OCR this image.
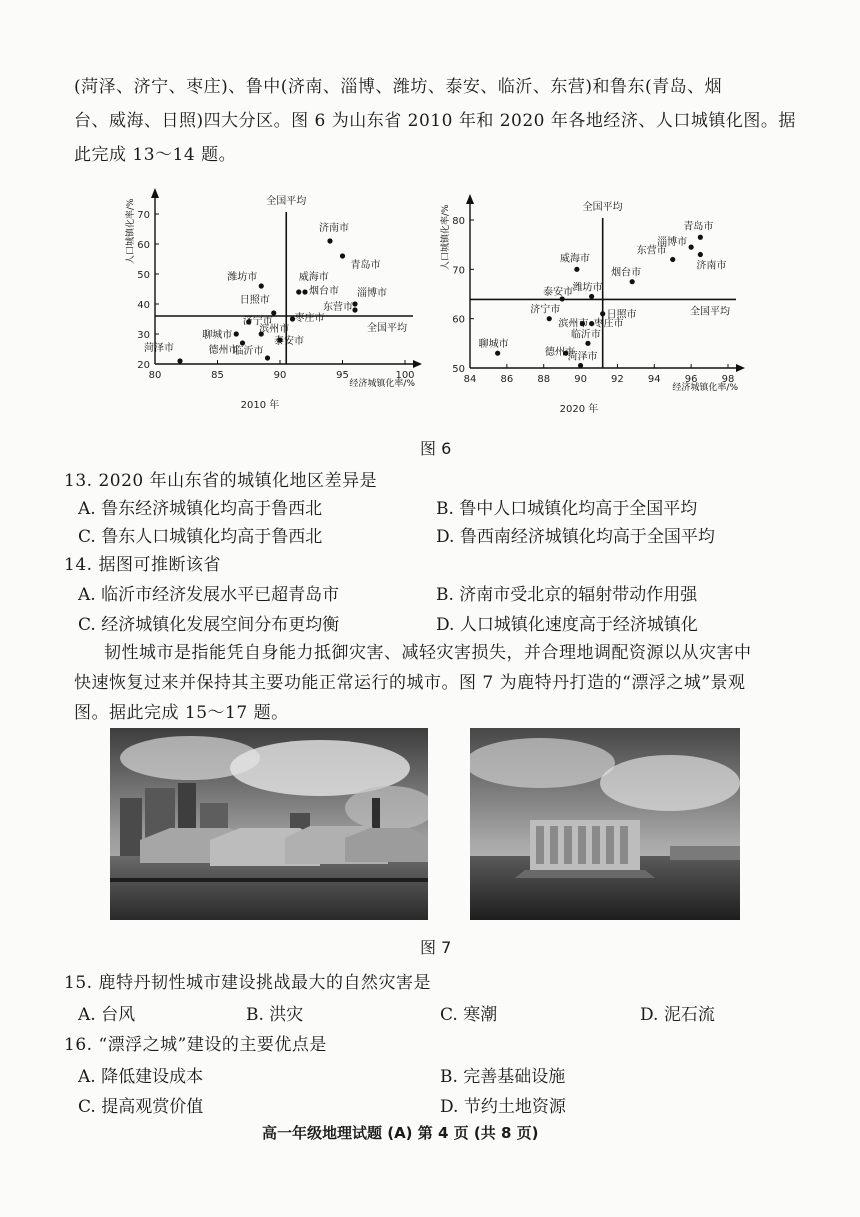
(菏泽、济宁、枣庄)、鲁中(济南、淄博、潍坊、泰安、临沂、东营)和鲁东(青岛、烟
台、威海、日照)四大分区。图 6 为山东省 2010 年和 2020 年各地经济、人口城镇化图。据
此完成 13～14 题。
80	85	90	95	100
20
30
40
50
60
70
人口城镇化率/%
经济城镇化率/%
2010 年
全国平均
全国平均
济南市
青岛市
潍坊市	威海市
烟台市 淄博市
日照市
东营市
济宁市 枣庄市
滨州市
聊城市
德州市
泰安市
临沂市
菏泽市
84 86 88 90 92 94 96 98
50
60
70
80
人口城镇化率/%
经济城镇化率/%
2020 年
全国平均
全国平均
青岛市
淄博市
东营市
济南市
威海市
烟台市
潍坊市
泰安市
济宁市
滨州市 枣庄市
日照市
聊城市
临沂市
德州市
菏泽市
图 6
13. 2020 年山东省的城镇化地区差异是
A. 鲁东经济城镇化均高于鲁西北	B. 鲁中人口城镇化均高于全国平均
C. 鲁东人口城镇化均高于鲁西北	D. 鲁西南经济城镇化均高于全国平均
14. 据图可推断该省
A. 临沂市经济发展水平已超青岛市	B. 济南市受北京的辐射带动作用强
C. 经济城镇化发展空间分布更均衡	D. 人口城镇化速度高于经济城镇化
韧性城市是指能凭自身能力抵御灾害、减轻灾害损失，并合理地调配资源以从灾害中
快速恢复过来并保持其主要功能正常运行的城市。图 7 为鹿特丹打造的“漂浮之城”景观
图。据此完成 15～17 题。
图 7
15. 鹿特丹韧性城市建设挑战最大的自然灾害是
A. 台风	B. 洪灾	C. 寒潮	D. 泥石流
16. “漂浮之城”建设的主要优点是
A. 降低建设成本	B. 完善基础设施
C. 提高观赏价值	D. 节约土地资源
高一年级地理试题 (A) 第 4 页 (共 8 页)
